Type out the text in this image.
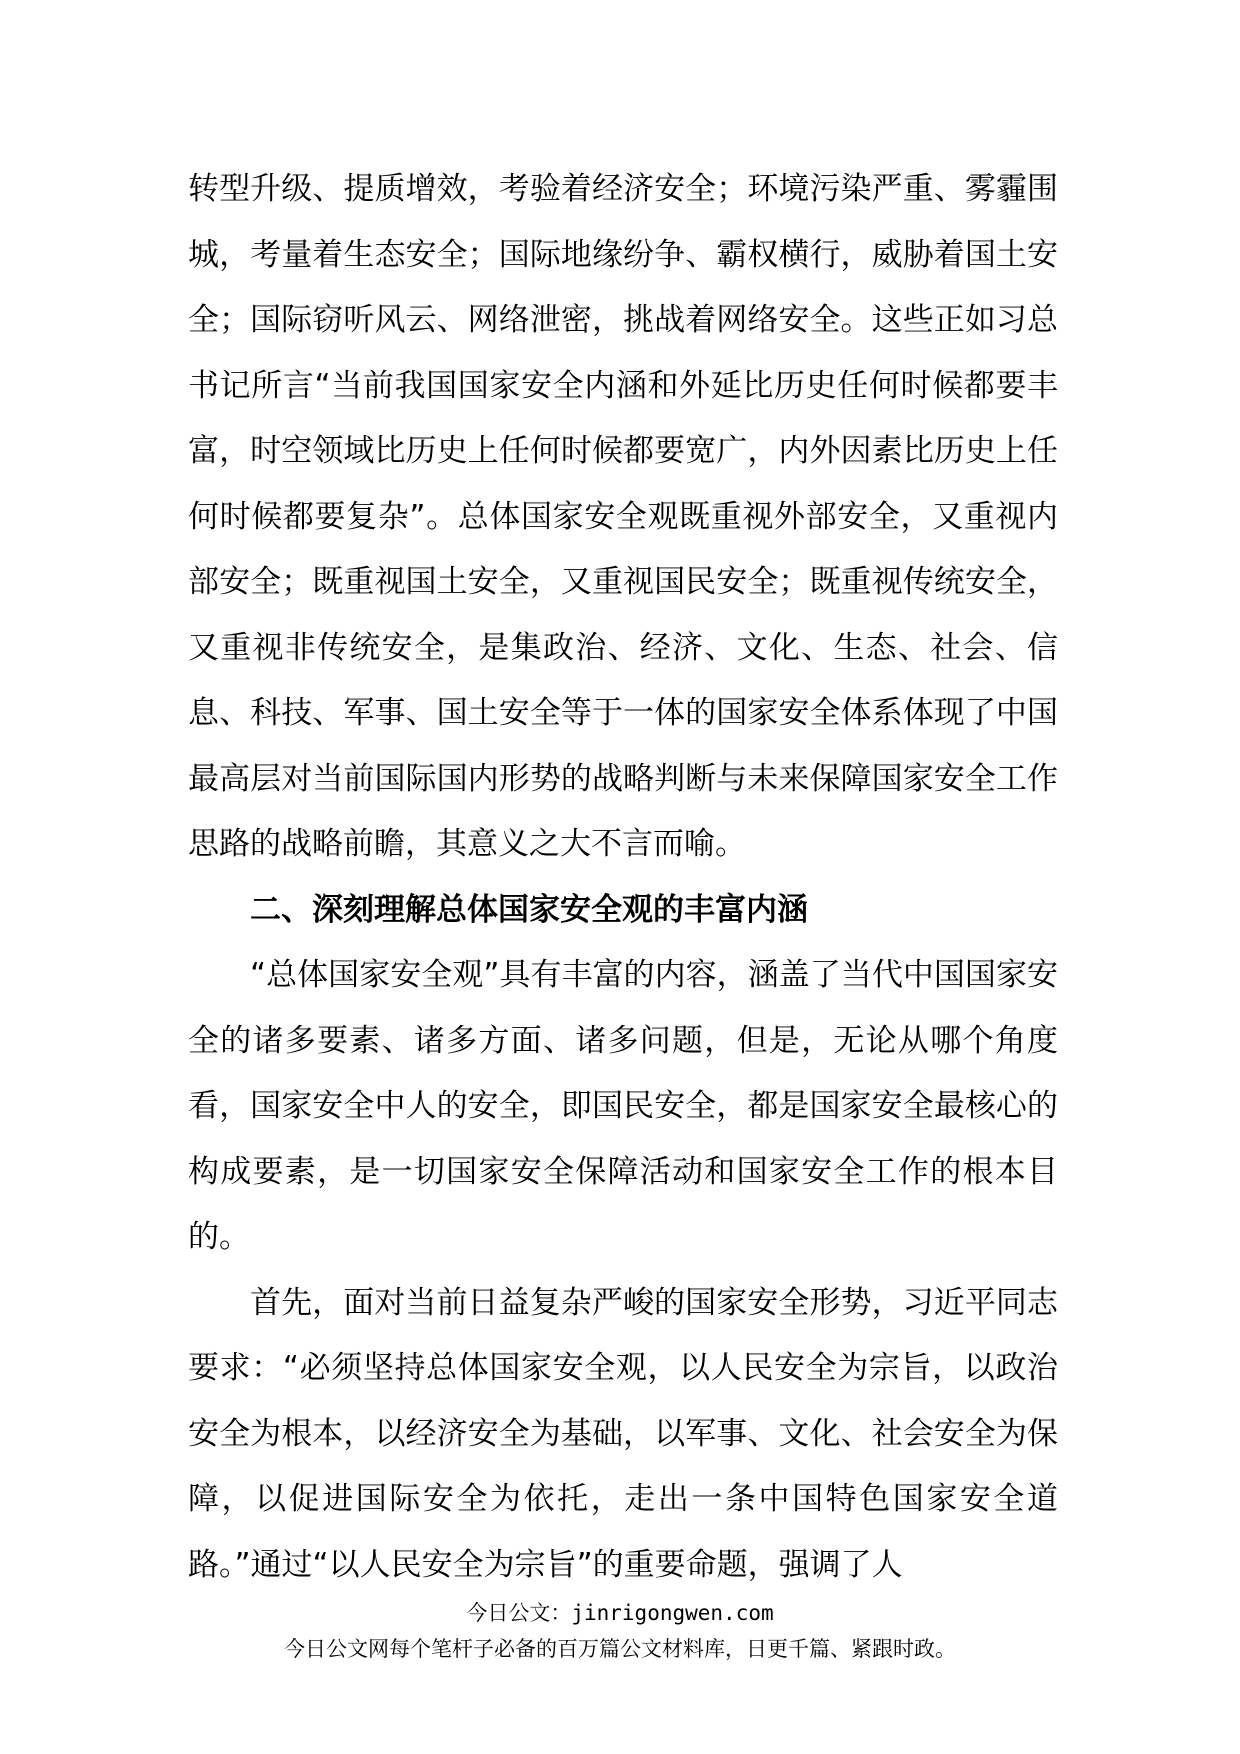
转型升级、提质增效，考验着经济安全；环境污染严重、雾霾围城，考量着生态安全；国际地缘纷争、霸权横行，威胁着国土安全；国际窃听风云、网络泄密，挑战着网络安全。这些正如习总书记所言“当前我国国家安全内涵和外延比历史任何时候都要丰富，时空领域比历史上任何时候都要宽广，内外因素比历史上任何时候都要复杂”。总体国家安全观既重视外部安全，又重视内部安全；既重视国土安全，又重视国民安全；既重视传统安全，又重视非传统安全，是集政治、经济、文化、生态、社会、信息、科技、军事、国土安全等于一体的国家安全体系体现了中国最高层对当前国际国内形势的战略判断与未来保障国家安全工作思路的战略前瞻，其意义之大不言而喻。

二、深刻理解总体国家安全观的丰富内涵

“总体国家安全观”具有丰富的内容，涵盖了当代中国国家安全的诸多要素、诸多方面、诸多问题，但是，无论从哪个角度看，国家安全中人的安全，即国民安全，都是国家安全最核心的构成要素，是一切国家安全保障活动和国家安全工作的根本目的。

首先，面对当前日益复杂严峻的国家安全形势，习近平同志要求：“必须坚持总体国家安全观，以人民安全为宗旨，以政治安全为根本，以经济安全为基础，以军事、文化、社会安全为保障，以促进国际安全为依托，走出一条中国特色国家安全道路。”通过“以人民安全为宗旨”的重要命题，强调了人

今日公文：jinrigongwen.com
今日公文网每个笔杆子必备的百万篇公文材料库，日更千篇、紧跟时政。
